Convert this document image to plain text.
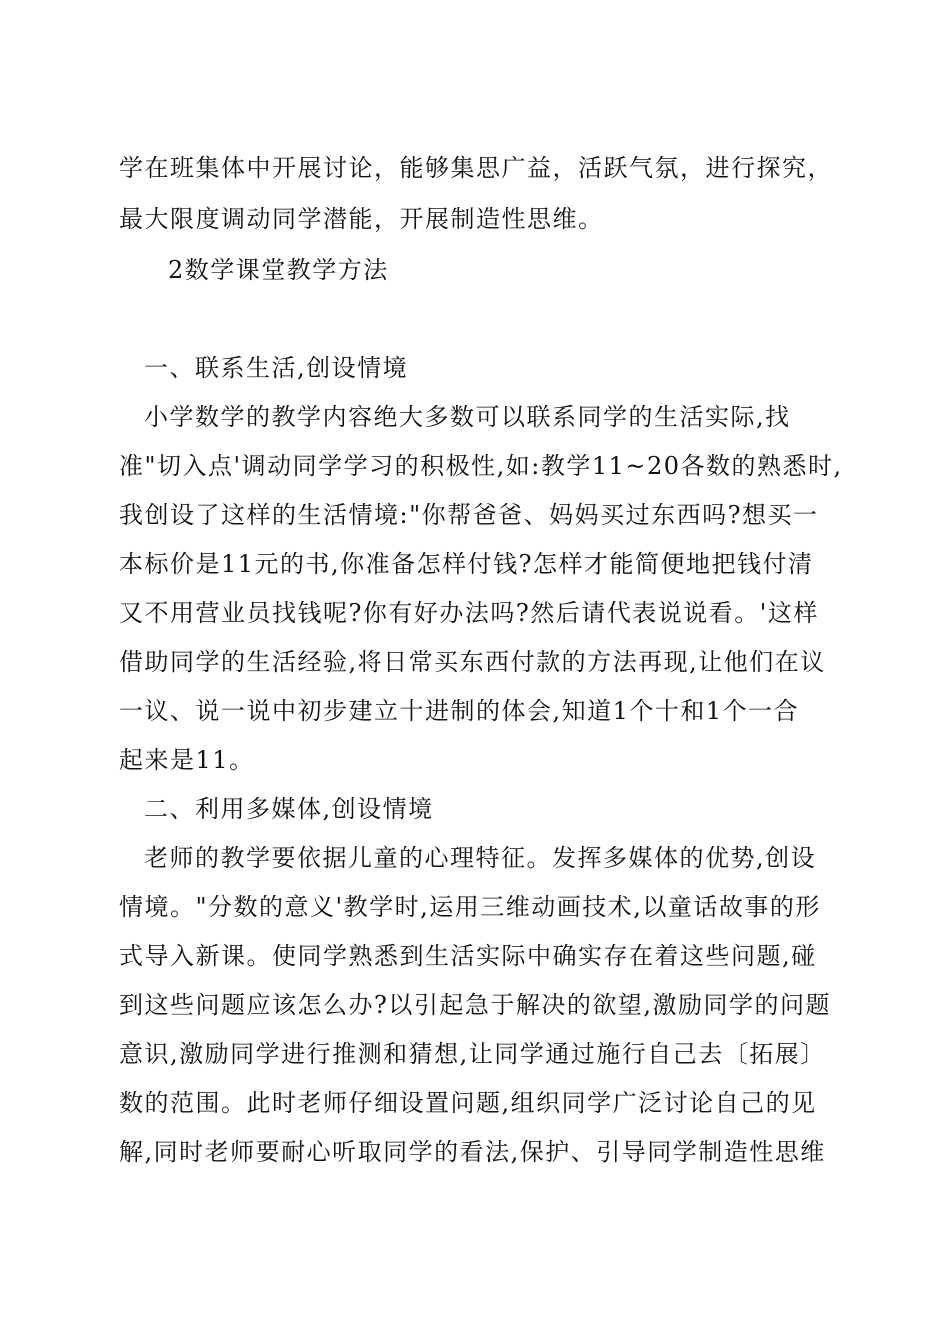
学在班集体中开展讨论，能够集思广益，活跃气氛，进行探究，
最大限度调动同学潜能，开展制造性思维。
2数学课堂教学方法
一、联系生活,创设情境
小学数学的教学内容绝大多数可以联系同学的生活实际,找
准"切入点'调动同学学习的积极性,如:教学11~20各数的熟悉时,
我创设了这样的生活情境:"你帮爸爸、妈妈买过东西吗?想买一
本标价是11元的书,你准备怎样付钱?怎样才能简便地把钱付清
又不用营业员找钱呢?你有好办法吗?然后请代表说说看。'这样
借助同学的生活经验,将日常买东西付款的方法再现,让他们在议
一议、说一说中初步建立十进制的体会,知道1个十和1个一合
起来是11。
二、利用多媒体,创设情境
老师的教学要依据儿童的心理特征。发挥多媒体的优势,创设
情境。"分数的意义'教学时,运用三维动画技术,以童话故事的形
式导入新课。使同学熟悉到生活实际中确实存在着这些问题,碰
到这些问题应该怎么办?以引起急于解决的欲望,激励同学的问题
意识,激励同学进行推测和猜想,让同学通过施行自己去〔拓展〕
数的范围。此时老师仔细设置问题,组织同学广泛讨论自己的见
解,同时老师要耐心听取同学的看法,保护、引导同学制造性思维
